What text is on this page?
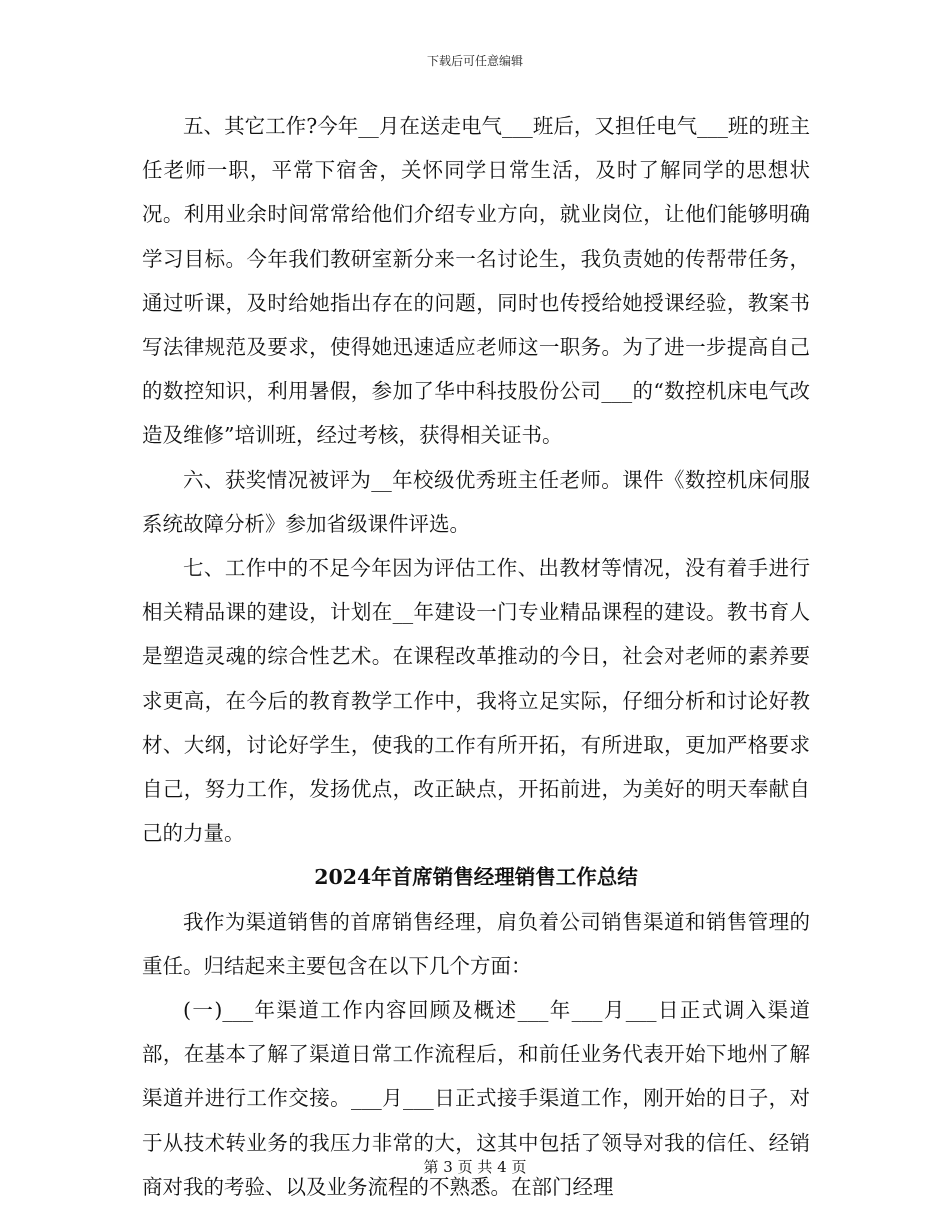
下载后可任意编辑

五、其它工作?今年__月在送走电气___班后，又担任电气___班的班主任老师一职，平常下宿舍，关怀同学日常生活，及时了解同学的思想状况。利用业余时间常常给他们介绍专业方向，就业岗位，让他们能够明确学习目标。今年我们教研室新分来一名讨论生，我负责她的传帮带任务，通过听课，及时给她指出存在的问题，同时也传授给她授课经验，教案书写法律规范及要求，使得她迅速适应老师这一职务。为了进一步提高自己的数控知识，利用暑假，参加了华中科技股份公司___的“数控机床电气改造及维修”培训班，经过考核，获得相关证书。

六、获奖情况被评为__年校级优秀班主任老师。课件《数控机床伺服系统故障分析》参加省级课件评选。

七、工作中的不足今年因为评估工作、出教材等情况，没有着手进行相关精品课的建设，计划在__年建设一门专业精品课程的建设。教书育人是塑造灵魂的综合性艺术。在课程改革推动的今日，社会对老师的素养要求更高，在今后的教育教学工作中，我将立足实际，仔细分析和讨论好教材、大纲，讨论好学生，使我的工作有所开拓，有所进取，更加严格要求自己，努力工作，发扬优点，改正缺点，开拓前进，为美好的明天奉献自己的力量。

2024年首席销售经理销售工作总结

我作为渠道销售的首席销售经理，肩负着公司销售渠道和销售管理的重任。归结起来主要包含在以下几个方面：

(一)___年渠道工作内容回顾及概述___年___月___日正式调入渠道部，在基本了解了渠道日常工作流程后，和前任业务代表开始下地州了解渠道并进行工作交接。___月___日正式接手渠道工作，刚开始的日子，对于从技术转业务的我压力非常的大，这其中包括了领导对我的信任、经销商对我的考验、以及业务流程的不熟悉。在部门经理

第 3 页 共 4 页
